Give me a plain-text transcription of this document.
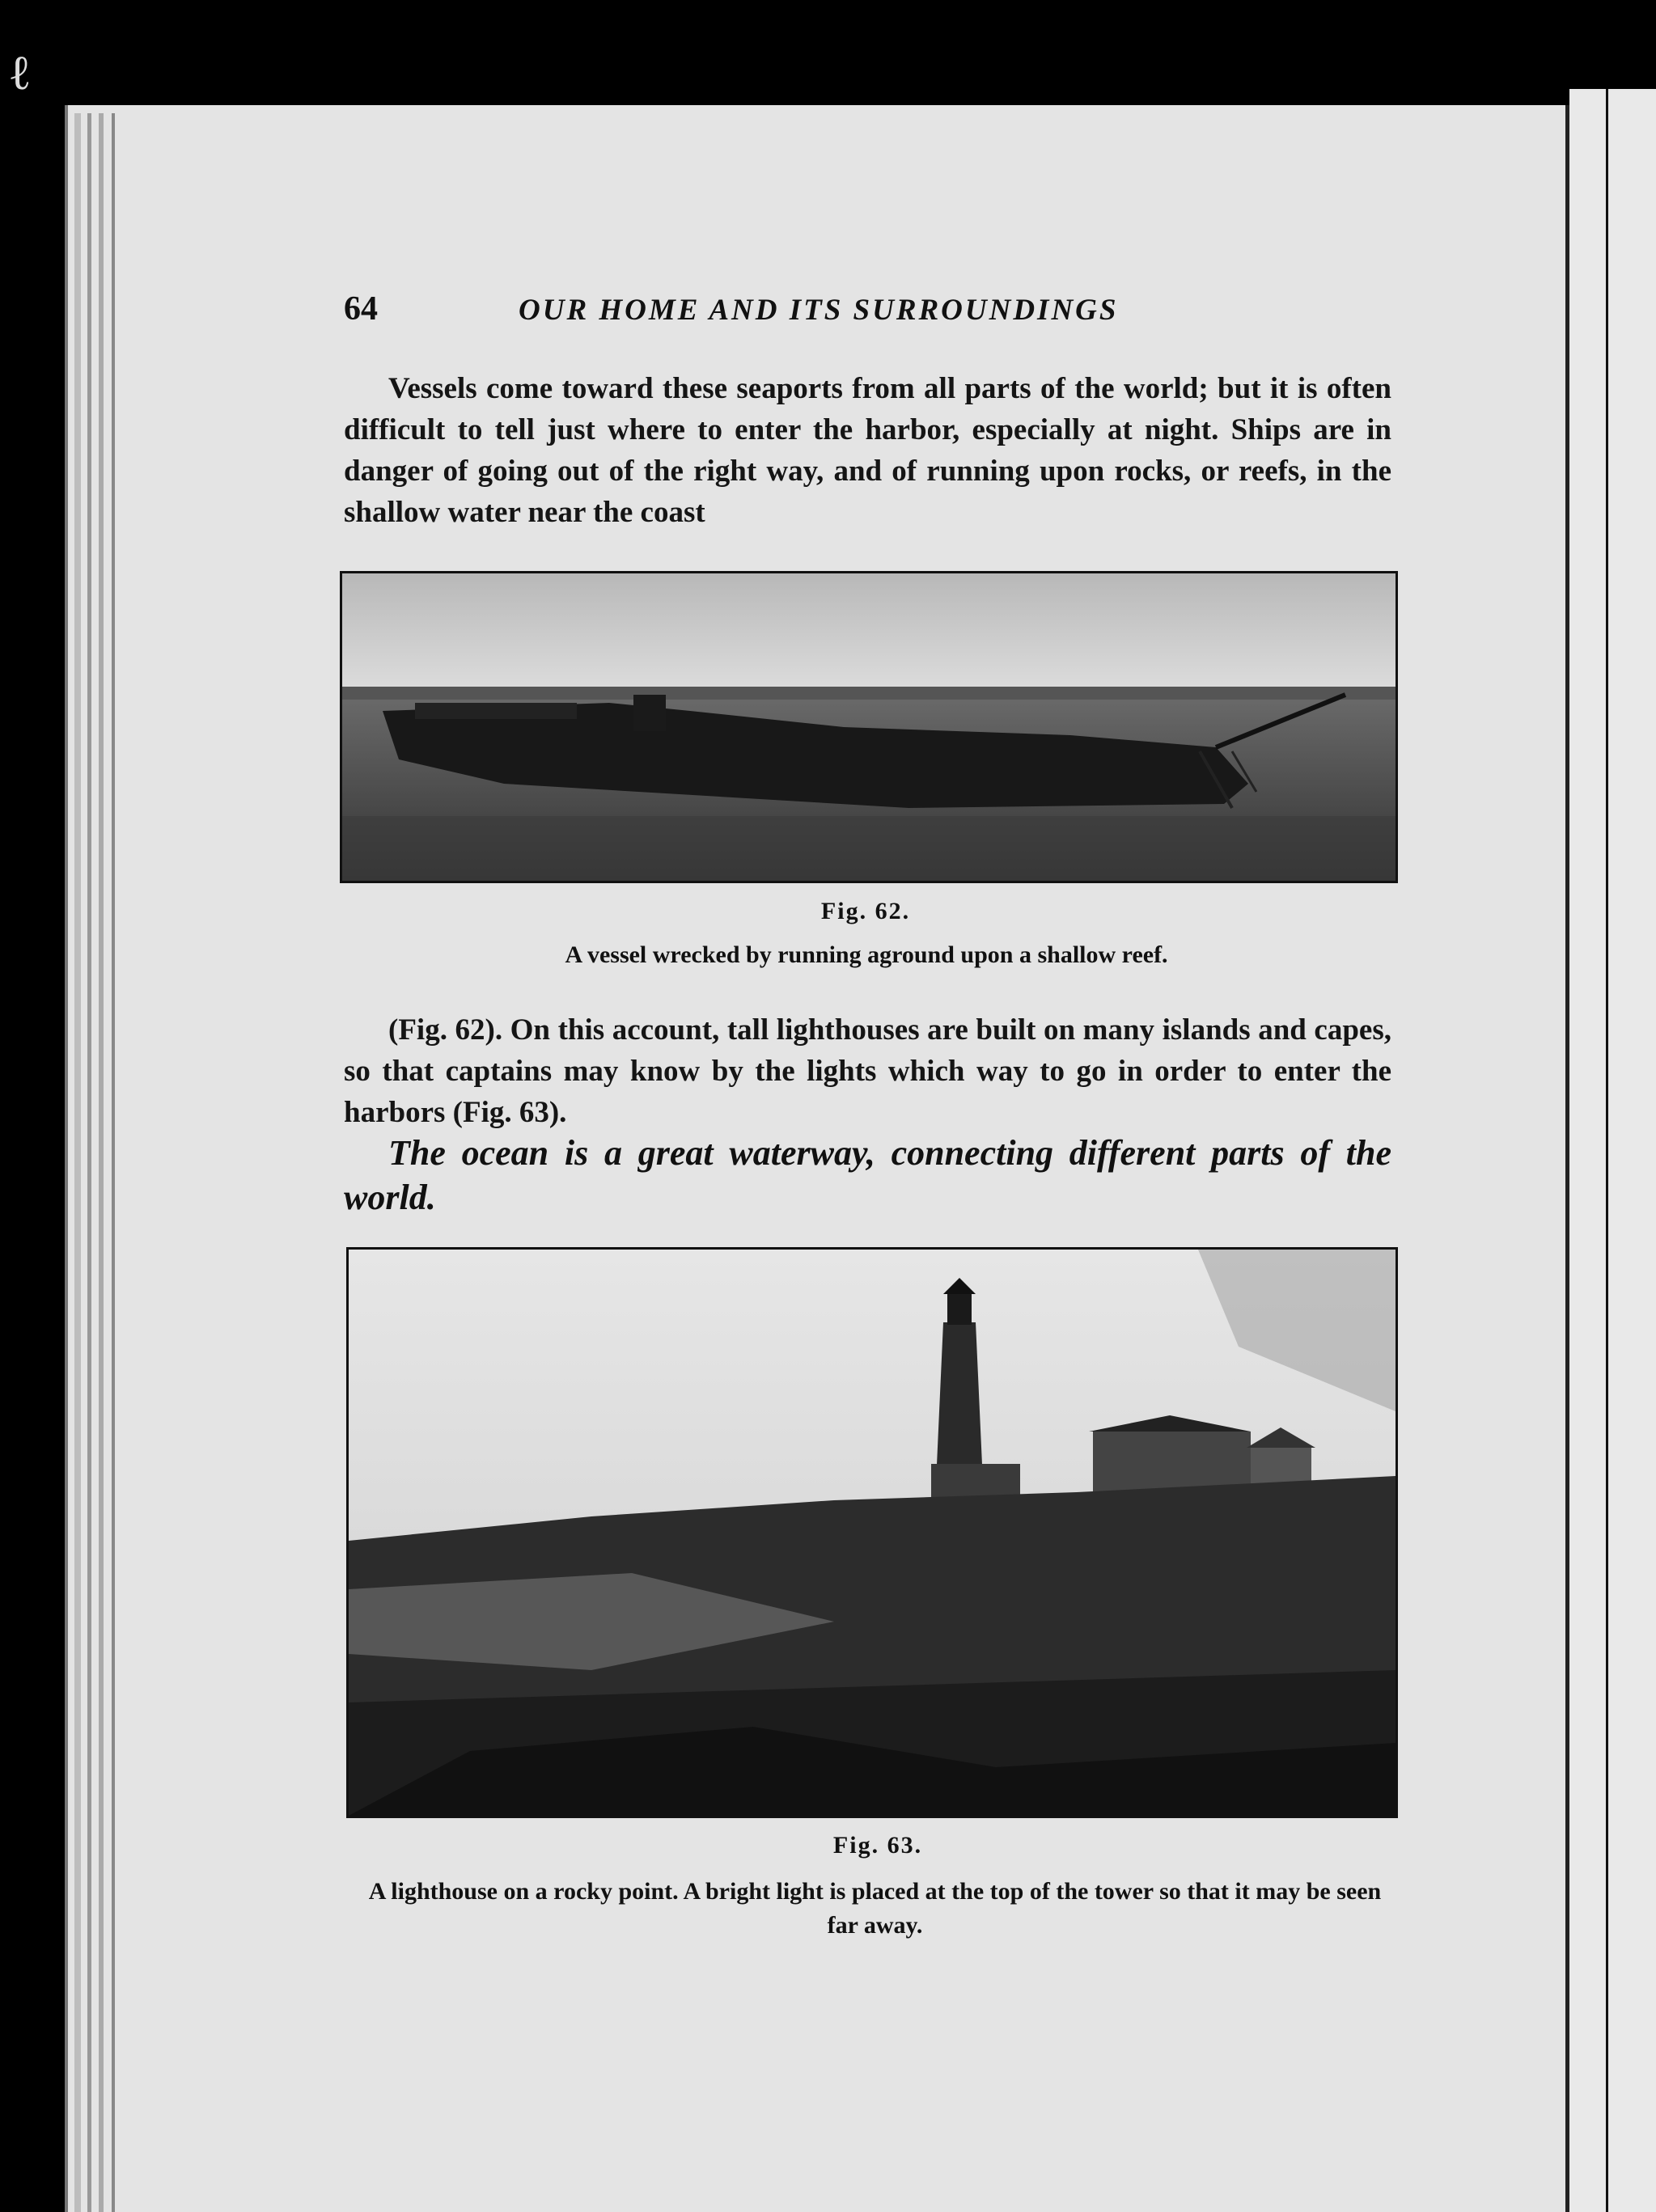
ℓ
64	OUR HOME AND ITS SURROUNDINGS

Vessels come toward these seaports from all parts of the world; but it is often difficult to tell just where to enter the harbor, especially at night. Ships are in danger of going out of the right way, and of running upon rocks, or reefs, in the shallow water near the coast

Fig. 62.

A vessel wrecked by running aground upon a shallow reef.

(Fig. 62). On this account, tall lighthouses are built on many islands and capes, so that captains may know by the lights which way to go in order to enter the harbors (Fig. 63).

The ocean is a great waterway, connecting different parts of the world.

Fig. 63.

A lighthouse on a rocky point. A bright light is placed at the top of the tower so that it may be seen far away.
